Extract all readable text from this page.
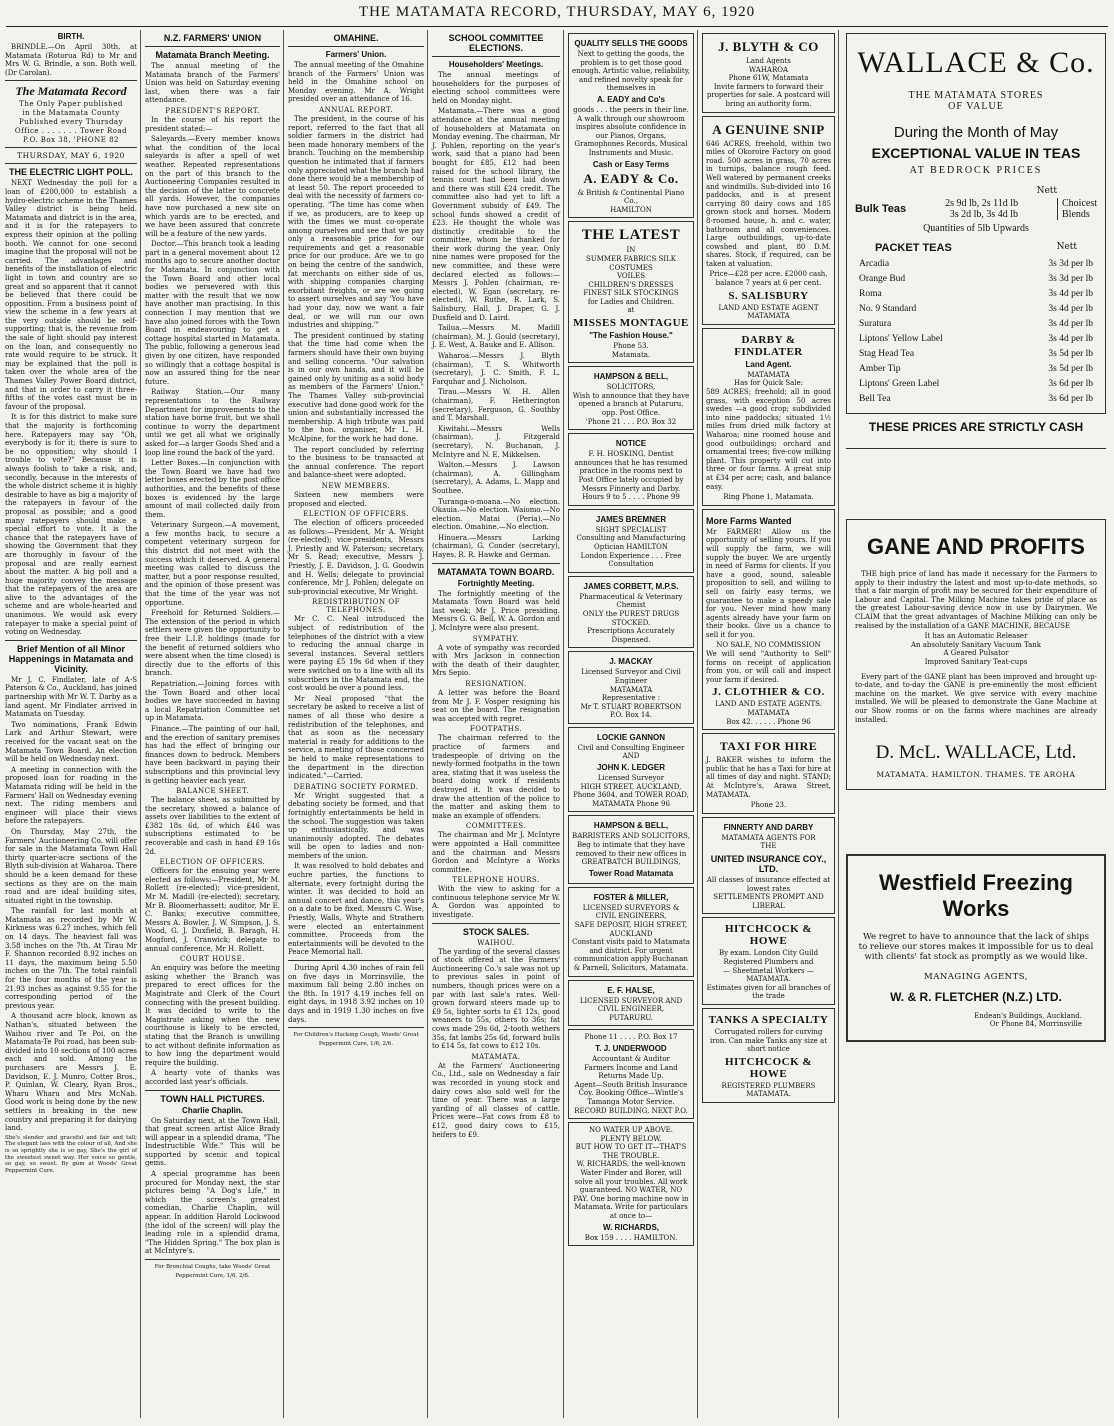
THE MATAMATA RECORD, THURSDAY, MAY 6, 1920
BIRTH.

BRINDLE.—On April 30th, at Matamata (Rotorua Rd) to Mr and Mrs W. G. Brindle, a son. Both well. (Dr Carolan).

The Matamata Record
The Only Paper published
in the Matamata County
Published every Thursday
Office . . . . . . . Tower Road
P.O. Box 38, 'PHONE 82
THURSDAY, MAY 6, 1920
THE ELECTRIC LIGHT POLL.

NEXT Wednesday the poll for a loan of £200,000 to establish a hydro-electric scheme in the Thames Valley district is being held. Matamata and district is in the area, and it is for the ratepayers to express their opinion at the polling booth. We cannot for one second imagine that the proposal will not be carried. The advantages and benefits of the installation of electric light in town and country are so great and so apparent that it cannot be believed that there could be opposition. From a business point of view the scheme in a few years at the very outside should be self-supporting; that is, the revenue from the sale of light should pay interest on the loan, and consequently no rate would require to be struck. It may be explained that the poll is taken over the whole area of the Thames Valley Power Board district, and that in order to carry it three-fifths of the votes cast must be in favour of the proposal.

It is for this district to make sure that the majority is forthcoming here. Ratepayers may say "Oh, everybody is for it; there is sure to be no opposition; why should I trouble to vote?" Because it is always foolish to take a risk, and, secondly, because in the interests of the whole district scheme it is highly desirable to have as big a majority of the ratepayers in favour of the proposal as possible; and a good many ratepayers should make a special effort to vote. It is the chance that the ratepayers have of showing the Government that they are thoroughly in favour of the proposal and are really earnest about the matter. A big poll and a huge majority convey the message that the ratepayers of the area are alive to the advantages of the scheme and are whole-hearted and unanimous. We would ask every ratepayer to make a special point of voting on Wednesday.

Brief Mention of all Minor Happenings in Matamata and Vicinity.

Mr J. C. Findlater, late of A-S Paterson & Co., Auckland, has joined partnership with Mr W. T. Darby as a land agent. Mr Findlater arrived in Matamata on Tuesday.

Two nominations, Frank Edwin Lark and Arthur Stewart, were received for the vacant seat on the Matamata Town Board. An election will be held on Wednesday next.

A meeting in connection with the proposed loan for roading in the Matamata riding will be held in the Farmers' Hall on Wednesday evening next. The riding members and engineer will place their views before the ratepayers.

On Thursday, May 27th, the Farmers' Auctioneering Co. will offer for sale in the Matamata Town Hall thirty quarter-acre sections of the Blyth sub-division at Waharoa. There should be a keen demand for these sections as they are on the main road and are ideal building sites, situated right in the township.

The rainfall for last month at Matamata as recorded by Mr W. Kirkness was 6.27 inches, which fell on 14 days. The heaviest fall was 3.58 inches on the 7th. At Tirau Mr F. Shannon recorded 8.92 inches on 11 days, the maximum being 5.50 inches on the 7th. The total rainfall for the four months of the year is 21.93 inches as against 9.55 for the corresponding period of the previous year.

A thousand acre block, known as Nathan's, situated between the Waihou river and Te Poi, on the Matamata-Te Poi road, has been sub-divided into 10 sections of 100 acres each and sold. Among the purchasers are Messrs J. E. Davidson, E. J. Munro, Cotter Bros., P. Quinlan, W. Cleary, Ryan Bros., Wharu Wharu and Mrs McNab. Good work is being done by the new settlers in breaking in the new country and preparing it for dairying land.

She's slender and graceful and fair and tall; The elegant lass with the colour of all, And she is so sprightly she is so gay, She's the girl of the sweetest sweet way. Her voice so gentle, so gay, so sweet. By gum at Woods' Great Peppermint Cure.

N.Z. FARMERS' UNION
Matamata Branch Meeting.

The annual meeting of the Matamata branch of the Farmers' Union was held on Saturday evening last, when there was a fair attendance.

PRESIDENT'S REPORT.

In the course of his report the president stated:—

Saleyards.—Every member knows what the condition of the local saleyards is after a spell of wet weather. Repeated representations on the part of this branch to the Auctioneering Companies resulted in the decision of the latter to concrete all yards. However, the companies have now purchased a new site on which yards are to be erected, and we have been assured that concrete will be a feature of the new yards.

Doctor.—This branch took a leading part in a general movement about 12 months ago to secure another doctor for Matamata. In conjunction with the Town Board and other local bodies we persevered with this matter with the result that we now have another man practising. In this connection I may mention that we have also joined forces with the Town Board in endeavouring to get a cottage hospital started in Matamata. The public, following a generous lead given by one citizen, have responded so willingly that a cottage hospital is now an assured thing for the near future.

Railway Station.—Our many representations to the Railway Department for improvements to the station have borne fruit, but we shall continue to worry the department until we get all what we originally asked for—a larger Goods Shed and a loop line round the back of the yard.

Letter Boxes.—In conjunction with the Town Board we have had two letter boxes erected by the post office authorities, and the benefits of these boxes is evidenced by the large amount of mail collected daily from them.

Veterinary Surgeon.—A movement, a few months back, to secure a competent veterinary surgeon for this district did not meet with the success which it deserved. A general meeting was called to discuss the matter, but a poor response resulted, and the opinion of those present was that the time of the year was not opportune.

Freehold for Returned Soldiers.—The extension of the period in which settlers were given the opportunity to free their L.I.P. holdings (made for the benefit of returned soldiers who were absent when the time closed) is directly due to the efforts of this branch.

Repatriation.—Joining forces with the Town Board and other local bodies we have succeeded in having a local Repatriation Committee set up in Matamata.

Finance.—The painting of our hall, and the erection of sanitary premises has had the effect of bringing our finances down to bedrock. Members have been backward in paying their subscriptions and this provincial levy is getting heavier each year.

BALANCE SHEET.

The balance sheet, as submitted by the secretary, showed a balance of assets over liabilities to the extent of £382 18s 6d, of which £46 was subscriptions estimated to be recoverable and cash in hand £9 16s 2d.

ELECTION OF OFFICERS.

Officers for the ensuing year were elected as follows:—President, Mr M. Rollett (re-elected); vice-president, Mr M. Madill (re-elected); secretary, Mr B. Bloomerhassett; auditor, Mr E. C. Banks; executive committee, Messrs A. Bowler, J. W. Simpson, J. S. Wood, G. J. Duxfield, B. Baragh, H. Mogford, J. Cranwick; delegate to annual conference, Mr H. Rollett.

COURT HOUSE.

An enquiry was before the meeting asking whether the Branch was prepared to erect offices for the Magistrate and Clerk of the Court connecting with the present building. It was decided to write to the Magistrate asking when the new courthouse is likely to be erected, stating that the Branch is unwilling to act without definite information as to how long the department would require the building.

A hearty vote of thanks was accorded last year's officials.

TOWN HALL PICTURES.
Charlie Chaplin.

On Saturday next, at the Town Hall, that great screen artist Alice Brady will appear in a splendid drama, "The Indestructible Wife." This will be supported by scenic and topical gems.

A special programme has been procured for Monday next, the star pictures being "A Dog's Life," in which the screen's greatest comedian, Charlie Chaplin, will appear. In addition Harold Lockwood (the idol of the screen) will play the leading role in a splendid drama, "The Hidden Spring." The box plan is at McIntyre's.

For Bronchial Coughs, take Woods' Great Peppermint Cure, 1/6, 2/6.

OMAHINE.
Farmers' Union.

The annual meeting of the Omahine branch of the Farmers' Union was held in the Omahine school on Monday evening. Mr A. Wright presided over an attendance of 16.

ANNUAL REPORT.

The president, in the course of his report, referred to the fact that all soldier farmers in the district had been made honorary members of the branch. Touching on the membership question he intimated that if farmers only appreciated what the branch had done there would be a membership of at least 50. The report proceeded to deal with the necessity of farmers co-operating. "The time has come when if we, as producers, are to keep up with the times we must co-operate among ourselves and see that we pay only a reasonable price for our requirements and get a reasonable price for our produce. Are we to go on being the centre of the sandwich, fat merchants on either side of us, with shipping companies charging exorbitant freights, or are we going to assert ourselves and say 'You have had your day, now we want a fair deal, or we will run our own industries and shipping.'"

The president continued by stating that the time had come when the farmers should have their own buying and selling concerns. "Our salvation is in our own hands, and it will be gained only by uniting as a solid body as members of the Farmers' Union." The Thames Valley sub-provincial executive had done good work for the union and substantially increased the membership. A high tribute was paid to the hon. organiser, Mr L. H. McAlpine, for the work he had done.

The report concluded by referring to the business to be transacted at the annual conference. The report and balance-sheet were adopted.

NEW MEMBERS.

Sixteen new members were proposed and elected.

ELECTION OF OFFICERS.

The election of officers proceeded as follows:—President, Mr A. Wright (re-elected); vice-presidents, Messrs J. Priestly and W. Paterson; secretary, Mr S. Read; executive, Messrs J. Priestly, J. E. Davidson, J. G. Goodwin and H. Wells; delegate to provincial conference, Mr J. Pohlen; delegate on sub-provincial executive, Mr Wright.

REDISTRIBUTION OF TELEPHONES.

Mr C. C. Neal introduced the subject of redistribution of the telephones of the district with a view to reducing the annual charge in several instances. Several settlers were paying £5 19s 6d when if they were switched on to a line with all its subscribers in the Matamata end, the cost would be over a pound less.

Mr Neal proposed "that the secretary be asked to receive a list of names of all those who desire a redistribution of the telephones, and that as soon as the necessary material is ready for additions to the service, a meeting of those concerned be held to make representations to the department in the direction indicated."—Carried.

DEBATING SOCIETY FORMED.

Mr Wright suggested that a debating society be formed, and that fortnightly entertainments be held in the school. The suggestion was taken up enthusiastically, and was unanimously adopted. The debates will be open to ladies and non-members of the union.

It was resolved to hold debates and euchre parties, the functions to alternate, every fortnight during the winter. It was decided to hold an annual concert and dance, this year's on a date to be fixed. Messrs C. Wise, Priestly, Walls, Whyte and Strathern were elected an entertainment committee. Proceeds from the entertainments will be devoted to the Peace Memorial hall.

During April 4.30 inches of rain fell on five days in Morrinsville, the maximum fall being 2.80 inches on the 8th. In 1917 4.19 inches fell on eight days, in 1918 3.92 inches on 10 days and in 1919 1.30 inches on five days.

For Children's Hacking Cough, Woods' Great Peppermint Cure, 1/6, 2/6.

SCHOOL COMMITTEE ELECTIONS.
Householders' Meetings.

The annual meetings of householders for the purposes of electing school committees were held on Monday night.

Matamata.—There was a good attendance at the annual meeting of householders at Matamata on Monday evening. The chairman, Mr J. Pohlen, reporting on the year's work, said that a piano had been bought for £85, £12 had been raised for the school library, the tennis court had been laid down and there was still £24 credit. The committee also had yet to lift a Government subsidy of £49. The school funds showed a credit of £23. He thought the whole was distinctly creditable to the committee, whom he thanked for their work during the year. Only nine names were proposed for the new committee, and these were declared elected as follows:—Messrs J. Pohlen (chairman, re-elected), W. Egan (secretary, re-elected), W. Ruthe, R. Lark, S. Salisbury, Hall, J. Draper, G. J. Duxfield and D. Laird.

Tailua.—Messrs M. Madill (chairman), M. J. Gould (secretary), J. E. West, A. Bauke and E. Allison.

Waharoa.—Messrs J. Blyth (chairman), T. S. Whitworth (secretary), J. C. Smith, F. L. Farquhar and J. Nicholson.

Tirau.—Messrs W. H. Allen (chairman), F. Hetherington (secretary), Ferguson, G. Southby and T. Marshall.

Kiwitahi.—Messrs Wells (chairman), J. Fitzgerald (secretary), N. Buchanan, J. McIntyre and N. E. Mikkelsen.

Walton.—Messrs J. Lawson (chairman), A. Gillingham (secretary), A. Adams, L. Mapp and Southee.

Turanga-o-moana.—No election. Okauia.—No election. Waiomo.—No election. Matai (Peria).—No election. Omahine.—No election.

Hinuera.—Messrs Larking (chairman), G. Conder (secretary), Hayes, R. R. Hawke and German.

MATAMATA TOWN BOARD.
Fortnightly Meeting.

The fortnightly meeting of the Matamata Town Board was held last week; Mr J. Price presiding. Messrs G. G. Bell, W. A. Gordon and J. McIntyre were also present.

SYMPATHY.

A vote of sympathy was recorded with Mrs Jackson in connection with the death of their daughter, Mrs Sepio.

RESIGNATION.

A letter was before the Board from Mr J. F. Vosper resigning his seat on the board. The resignation was accepted with regret.

FOOTPATHS.

The chairman referred to the practice of farmers and tradespeople of driving on the newly-formed footpaths in the town area, stating that it was useless the board doing work if residents destroyed it. It was decided to draw the attention of the police to the matter and asking them to make an example of offenders.

COMMITTEES.

The chairman and Mr J. McIntyre were appointed a Hall committee and the chairman and Messrs Gordon and McIntyre a Works committee.

TELEPHONE HOURS.

With the view to asking for a continuous telephone service Mr W. A. Gordon was appointed to investigate.

STOCK SALES.
WAIHOU.

The yarding of the several classes of stock offered at the Farmers' Auctioneering Co.'s sale was not up to previous sales in point of numbers, though prices were on a par with last sale's rates. Well-grown forward steers made up to £9 5s, lighter sorts to £1 12s, good weaners to 55s, others to 36s; fat cows made 29s 6d, 2-tooth wethers 35s, fat lambs 25s 6d, forward bulls to £14 5s, fat cows to £12 10s.

MATAMATA.

At the Farmers' Auctioneering Co., Ltd., sale on Wednesday a fair was recorded in young stock and dairy cows also sold well for the time of year. There was a large yarding of all classes of cattle. Prices were—Fat cows from £8 to £12, good dairy cows to £15, heifers to £9.

QUALITY SELLS THE GOODS

Next to getting the goods, the problem is to get those good enough. Artistic value, reliability, and refined novelty speak for themselves in

A. EADY and Co's

goods . . . the peers in their line. A walk through our showroom inspires absolute confidence in our Pianos, Organs, Gramophones Records, Musical Instruments and Music.

Cash or Easy Terms
A. EADY & Co.

& British & Continental Piano Co.,

HAMILTON

THE LATEST

IN

SUMMER FABRICS SILK COSTUMES

VOILES

CHILDREN'S DRESSES

FINEST SILK STOCKINGS

for Ladies and Children.

at

MISSES MONTAGUE
"The Fashion House."

Phone 53.

Matamata.

HAMPSON & BELL,

SOLICITORS,

Wish to announce that they have opened a branch at Putaruru, opp. Post Office.

'Phone 21 . . . P.O. Box 32

NOTICE

F. H. HOSKING, Dentist announces that he has resumed practice in the rooms next to Post Office lately occupied by Messrs Finnerty and Darby.

Hours 9 to 5 . . . . Phone 99

JAMES BREMNER

SIGHT SPECIALIST

Consulting and Manufacturing Optician HAMILTON

London Experience . . . Free Consultation

JAMES CORBETT, M.P.S.

Pharmaceutical & Veterinary Chemist

ONLY the PUREST DRUGS STOCKED.

Prescriptions Accurately Dispensed.

J. MACKAY

Licensed Surveyor and Civil Engineer

MATAMATA

Representative :

Mr T. STUART ROBERTSON

P.O. Box 14.

LOCKIE GANNON

Civil and Consulting Engineer

AND

JOHN K. LEDGER

Licensed Surveyor

HIGH STREET, AUCKLAND, Phone 3604, and TOWER ROAD, MATAMATA Phone 96

HAMPSON & BELL,

BARRISTERS AND SOLICITORS,

Beg to intimate that they have removed to their new offices in GREATBATCH BUILDINGS,

Tower Road Matamata
FOSTER & MILLER,

LICENSED SURVEYORS & CIVIL ENGINEERS,

SAFE DEPOSIT, HIGH STREET, AUCKLAND

Constant visits paid to Matamata and district. For urgent communication apply Buchanan & Parnell, Solicitors, Matamata.

E. F. HALSE,

LICENSED SURVEYOR AND CIVIL ENGINEER,

PUTARURU.

Phone 11 . . . . P.O. Box 17

T. J. UNDERWOOD

Accountant & Auditor

Farmers Income and Land Returns Made Up.

Agent—South British Insurance Coy. Booking Office—Wintle's Tamanga Motor Service.

RECORD BUILDING, NEXT P.O.

NO WATER UP ABOVE.

PLENTY BELOW.

BUT HOW TO GET IT—THAT'S THE TROUBLE.

W. RICHARDS, the well-known Water Finder and Borer, will solve all your troubles. All work guaranteed. NO WATER, NO PAY. One boring machine now in Matamata. Write for particulars at once to—

W. RICHARDS,

Box 159 . . . . HAMILTON.

J. BLYTH & CO

Land Agents

WAHAROA

Phone 61W, Matamata

Invite farmers to forward their properties for sale. A postcard will bring an authority form.

A GENUINE SNIP

646 ACRES, freehold, within two miles of Okoroire Factory on good road. 500 acres in grass, 70 acres in turnips, balance rough feed. Well watered by permanent creeks and windmills. Sub-divided into 16 paddocks, and is at present carrying 80 dairy cows and 185 grown stock and horses. Modern 8-roomed house, h. and c. water, bathroom and all conveniences. Large outbuildings, up-to-date cowshed and plant, 80 D.M. shares. Stock, if required, can be taken at valuation.

Price—£28 per acre. £2000 cash, balance 7 years at 6 per cent.

S. SALISBURY

LAND AND ESTATE AGENT

MATAMATA

DARBY & FINDLATER
Land Agent.

MATAMATA

Has for Quick Sale:

589 ACRES; freehold; all in good grass, with exception 50 acres swedes —a good crop; subdivided into nine paddocks; situated 1½ miles from dried milk factory at Waharoa; nine roomed house and good outbuildings; orchard and ornamental trees; five-cow milking plant. This property will cut into three or four farms. A great snip at £34 per acre; cash, and balance easy.

Ring Phone 1, Matamata.

More Farms Wanted

Mr FARMER! Allow us the opportunity of selling yours. If you will supply the farm, we will supply the buyer. We are urgently in need of Farms for clients. If you have a good, sound, saleable proposition to sell, and willing to sell on fairly easy terms, we guarantee to make a speedy sale for you. Never mind how many agents already have your farm on their books. Give us a chance to sell it for you.

NO SALE, NO COMMISSION

We will send "Authority to Sell" forms on receipt of application from you, or will call and inspect your farm if desired.

J. CLOTHIER & CO.

LAND AND ESTATE AGENTS.

MATAMATA

Box 42. . . . . . Phone 96

TAXI FOR HIRE

J. BAKER wishes to inform the public that he has a Taxi for hire at all times of day and night. STAND; At McIntyre's, Arawa Street, MATAMATA.

Phone 23.

FINNERTY AND DARBY

MATAMATA AGENTS FOR

THE

UNITED INSURANCE COY., LTD.

All classes of insurance effected at lowest rates

SETTLEMENTS PROMPT AND LIBERAL

HITCHCOCK & HOWE

By exam. London City Guild Registered Plumbers and

— Sheetmetal Workers —

MATAMATA.

Estimates given for all branches of the trade

TANKS A SPECIALTY

Corrugated rollers for curving iron. Can make Tanks any size at short notice

HITCHCOCK & HOWE

REGISTERED PLUMBERS

MATAMATA.

WALLACE & Co.
THE MATAMATA STORES
OF VALUE
During the Month of May
EXCEPTIONAL VALUE IN TEAS
AT BEDROCK PRICES
Nett
Bulk Teas	2s 9d lb, 2s 11d lb
3s 2d lb, 3s 4d lb
Choicest
Blends
Quantities of 5lb Upwards
PACKET TEAS	Nett
Arcadia	3s 3d per lb
Orange Bud	3s 3d per lb
Roma	3s 4d per lb
No. 9 Standard	3s 4d per lb
Suratura	3s 4d per lb
Liptons' Yellow Label	3s 4d per lb
Stag Head Tea	3s 5d per lb
Amber Tip	3s 5d per lb
Liptons' Green Label	3s 6d per lb
Bell Tea	3s 6d per lb
THESE PRICES ARE STRICTLY CASH
GANE AND PROFITS

THE high price of land has made it necessary for the Farmers to apply to their industry the latest and most up-to-date methods, so that a fair margin of profit may be secured for their expenditure of Labour and Capital. The Milking Machine takes pride of place as the greatest Labour-saving device now in use by Dairymen. We CLAIM that the great advantages of Machine Milking can only be realised by the installation of a GANE MACHINE, BECAUSE

It has an Automatic Releaser

An absolutely Sanitary Vacuum Tank

A Geared Pulsator

Improved Sanitary Teat-cups

Every part of the GANE plant has been improved and brought up-to-date, and to-day the GANE is pre-eminently the most efficient machine on the market. We give service with every machine installed. We will be pleased to demonstrate the Gane Machine at our Show rooms or on the farms where machines are already installed.

D. McL. WALLACE, Ltd.
MATAMATA. HAMILTON. THAMES. TE AROHA
Westfield Freezing
Works

We regret to have to announce that the lack of ships to relieve our stores makes it impossible for us to deal with clients' fat stock as promptly as we would like.

MANAGING AGENTS,
W. & R. FLETCHER (N.Z.) LTD.
Endean's Buildings, Auckland.
Or Phone 84, Morrinsville
